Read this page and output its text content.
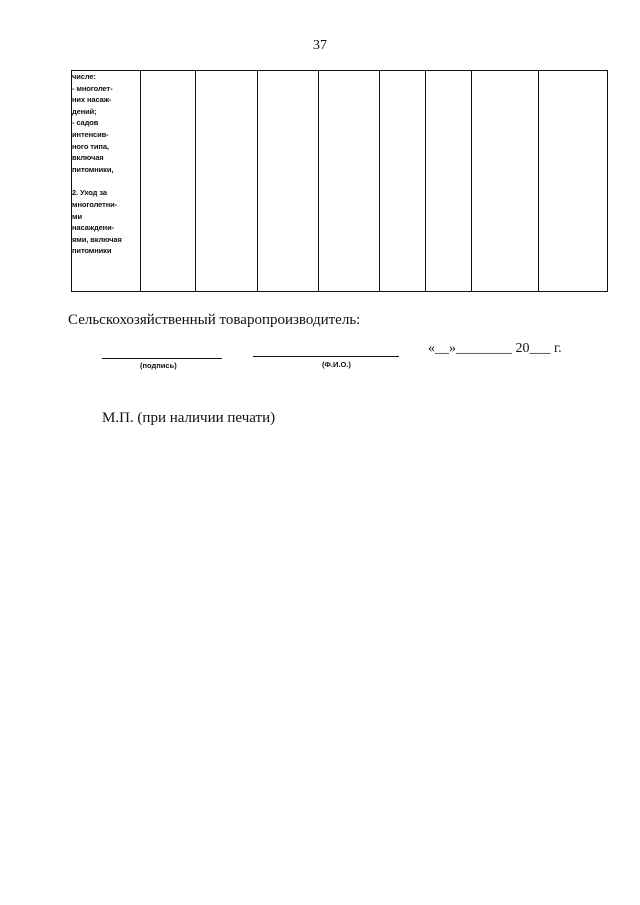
37
числе:
- многолет-
них насаж-
дений;
- садов
интенсив-
ного типа,
включая
питомники,
2. Уход за
многолетни-
ми
насаждени-
ями, включая
питомники

Сельскохозяйственный товаропроизводитель:
(подпись)	(Ф.И.О.)
«__»________ 20___ г.
М.П. (при наличии печати)
